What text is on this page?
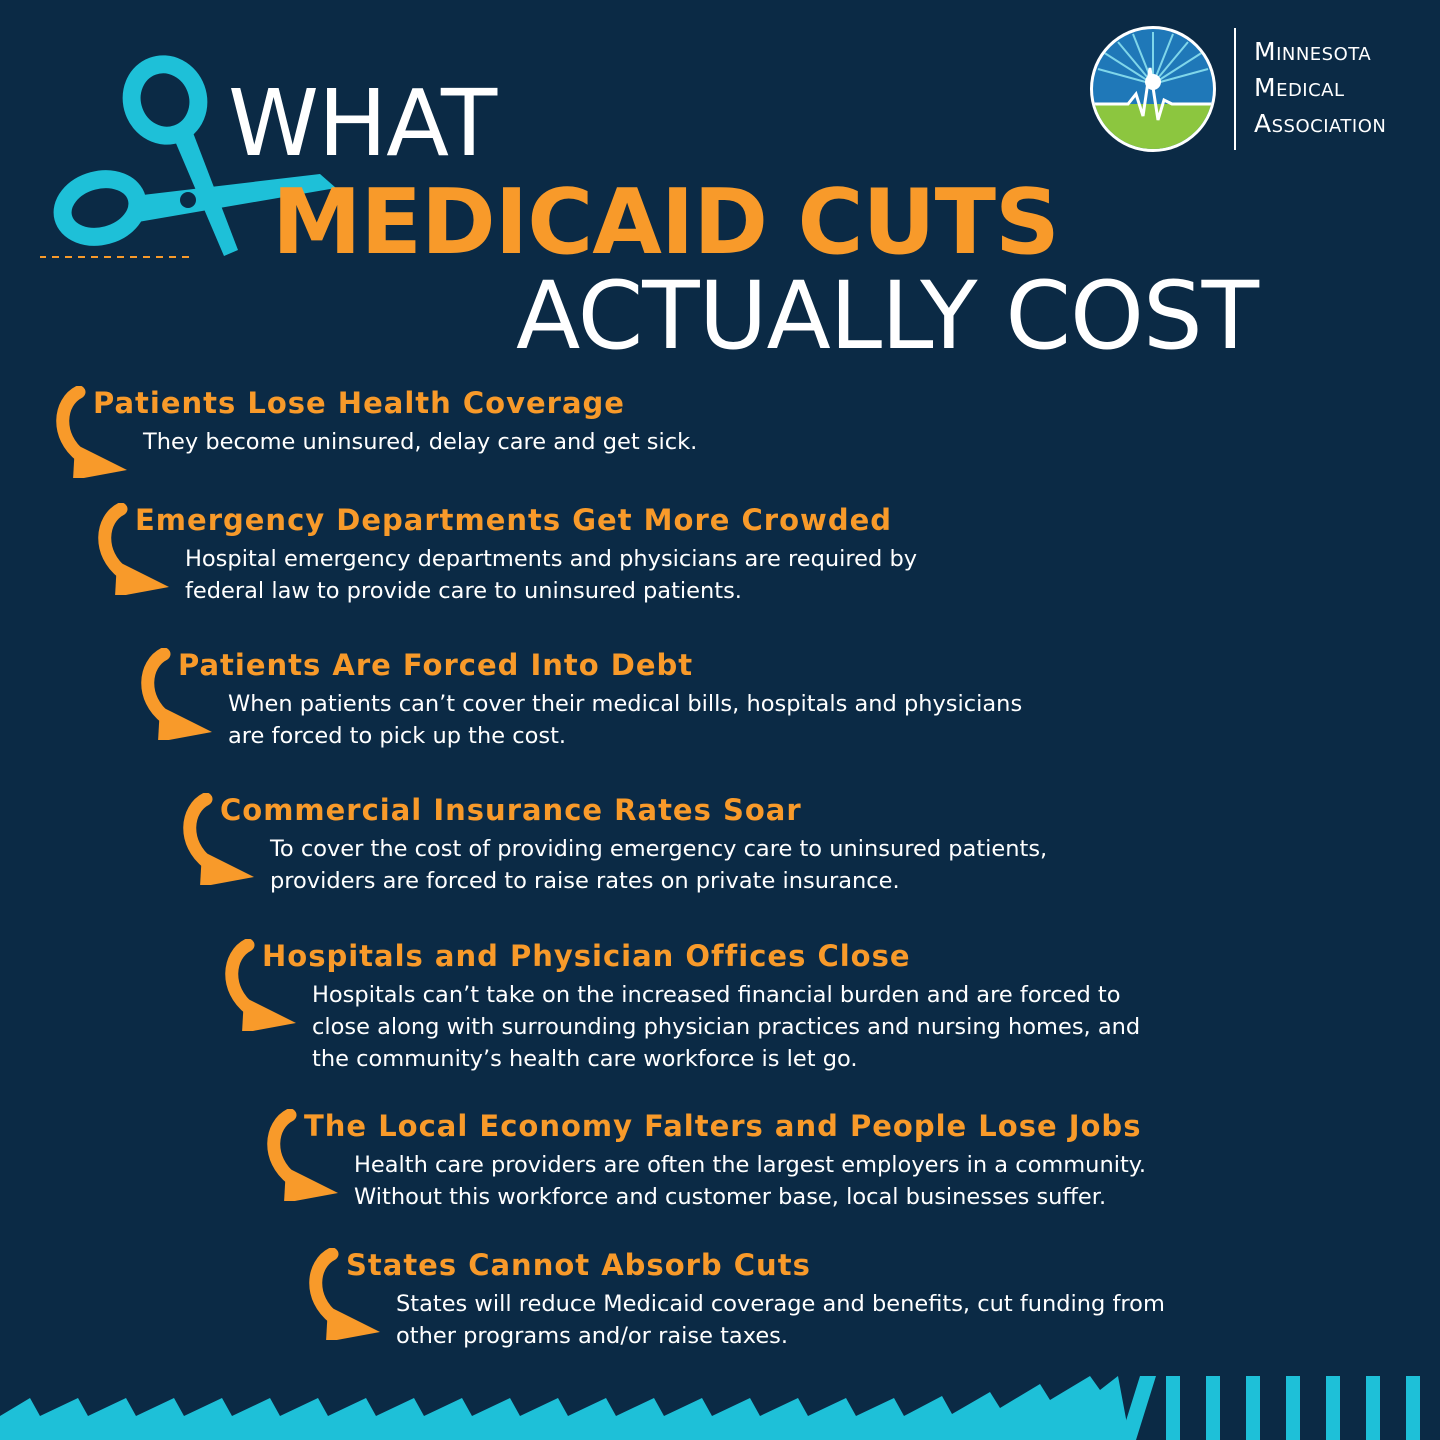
WHAT
MEDICAID CUTS
ACTUALLY COST
Minnesota
Medical
Association
Patients Lose Health Coverage
They become uninsured, delay care and get sick.
Emergency Departments Get More Crowded
Hospital emergency departments and physicians are required by
federal law to provide care to uninsured patients.
Patients Are Forced Into Debt
When patients can’t cover their medical bills, hospitals and physicians
are forced to pick up the cost.
Commercial Insurance Rates Soar
To cover the cost of providing emergency care to uninsured patients,
providers are forced to raise rates on private insurance.
Hospitals and Physician Offices Close
Hospitals can’t take on the increased financial burden and are forced to
close along with surrounding physician practices and nursing homes, and
the community’s health care workforce is let go.
The Local Economy Falters and People Lose Jobs
Health care providers are often the largest employers in a community.
Without this workforce and customer base, local businesses suffer.
States Cannot Absorb Cuts
States will reduce Medicaid coverage and benefits, cut funding from
other programs and/or raise taxes.
